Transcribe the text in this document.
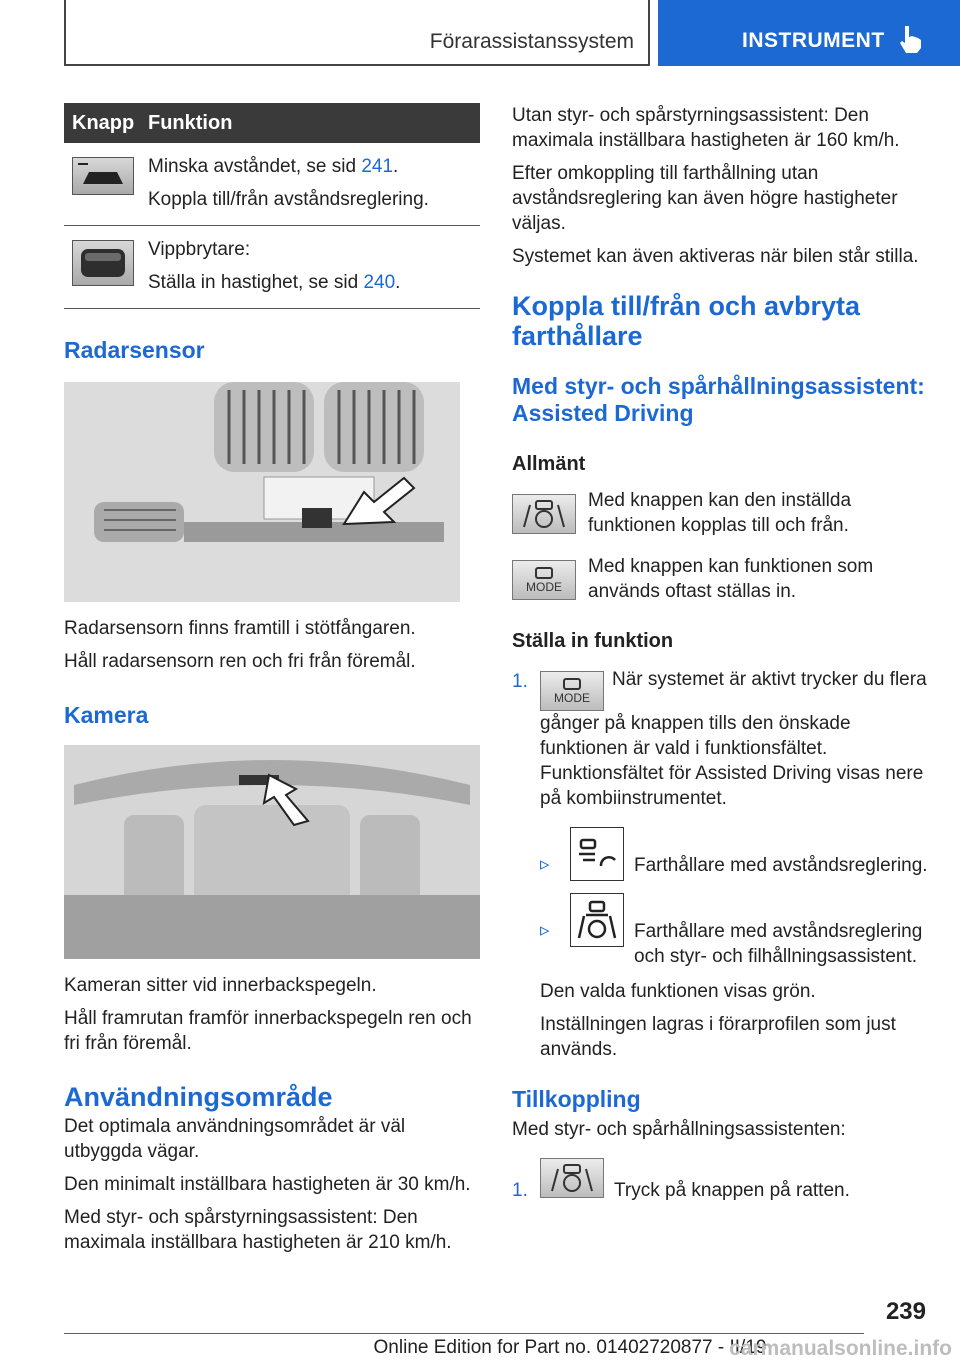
Förarassistanssystem	INSTRUMENT
Knapp	Funktion

Minska avståndet, se sid 241.

Koppla till/från avståndsreglering.

Vippbrytare:

Ställa in hastighet, se sid 240.

Radarsensor

Radarsensorn finns framtill i stötfångaren.

Håll radarsensorn ren och fri från föremål.

Kamera

Kameran sitter vid innerbackspegeln.

Håll framrutan framför innerbackspegeln ren och fri från föremål.

Användningsområde

Det optimala användningsområdet är väl utbyggda vägar.

Den minimalt inställbara hastigheten är 30 km/h.

Med styr- och spårstyrningsassistent: Den maximala inställbara hastigheten är 210 km/h.

Utan styr- och spårstyrningsassistent: Den maximala inställbara hastigheten är 160 km/h.

Efter omkoppling till farthållning utan avståndsreglering kan även högre hastigheter väljas.

Systemet kan även aktiveras när bilen står stilla.

Koppla till/från och avbryta farthållare
Med styr- och spårhållningsassistent: Assisted Driving
Allmänt

Med knappen kan den inställda funktionen kopplas till och från.

MODE

Med knappen kan funktionen som används oftast ställas in.

Ställa in funktion
1.

MODE
När systemet är aktivt trycker du flera gånger på knappen tills den önskade funktionen är vald i funktionsfältet. Funktionsfältet för Assisted Driving visas nere på kombiinstrumentet.

▹	Farthållare med avståndsreglering.

▹	Farthållare med avståndsreglering och styr- och filhållningsassistent.

Den valda funktionen visas grön.

Inställningen lagras i förarprofilen som just används.

Tillkoppling

Med styr- och spårhållningsassistenten:

1.	Tryck på knappen på ratten.

239
Online Edition for Part no. 01402720877 - II/19
carmanualsonline.info
